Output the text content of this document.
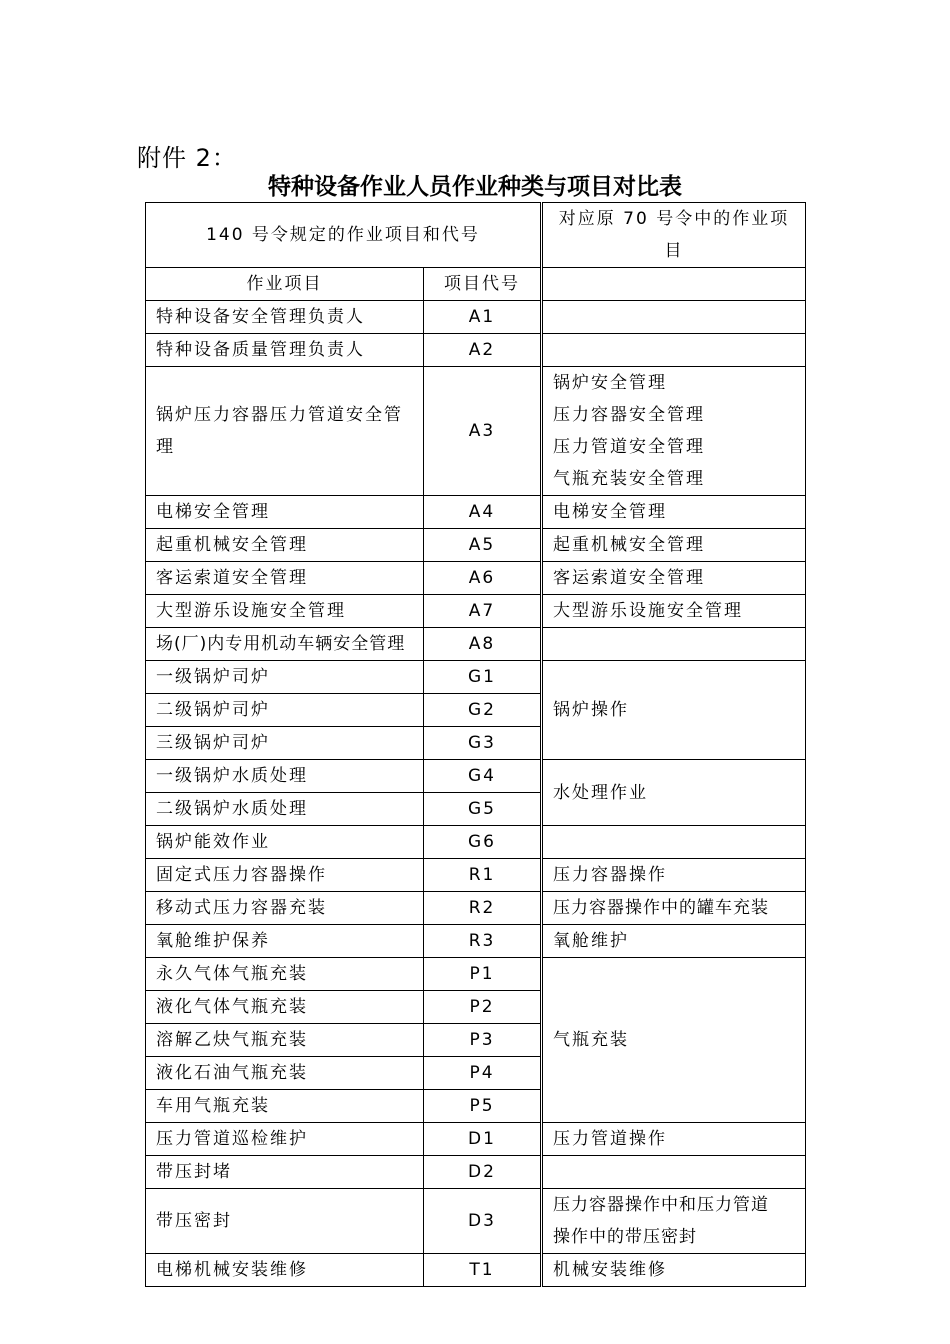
附件 2：
特种设备作业人员作业种类与项目对比表
140 号令规定的作业项目和代号		对应原 70 号令中的作业项目
作业项目	项目代号	
特种设备安全管理负责人	A1	
特种设备质量管理负责人	A2	
锅炉压力容器压力管道安全管理	A3	锅炉安全管理
压力容器安全管理
压力管道安全管理
气瓶充装安全管理

电梯安全管理	A4	电梯安全管理
起重机械安全管理	A5	起重机械安全管理
客运索道安全管理	A6	客运索道安全管理
大型游乐设施安全管理	A7	大型游乐设施安全管理
场(厂)内专用机动车辆安全管理	A8	
一级锅炉司炉	G1	锅炉操作
二级锅炉司炉	G2	
三级锅炉司炉	G3	
一级锅炉水质处理	G4	水处理作业
二级锅炉水质处理	G5	
锅炉能效作业	G6	
固定式压力容器操作	R1	压力容器操作
移动式压力容器充装	R2	压力容器操作中的罐车充装
氧舱维护保养	R3	氧舱维护
永久气体气瓶充装	P1	气瓶充装
液化气体气瓶充装	P2	
溶解乙炔气瓶充装	P3	
液化石油气瓶充装	P4	
车用气瓶充装	P5	
压力管道巡检维护	D1	压力管道操作
带压封堵	D2	
带压密封	D3	压力容器操作中和压力管道
操作中的带压密封

电梯机械安装维修	T1	机械安装维修
